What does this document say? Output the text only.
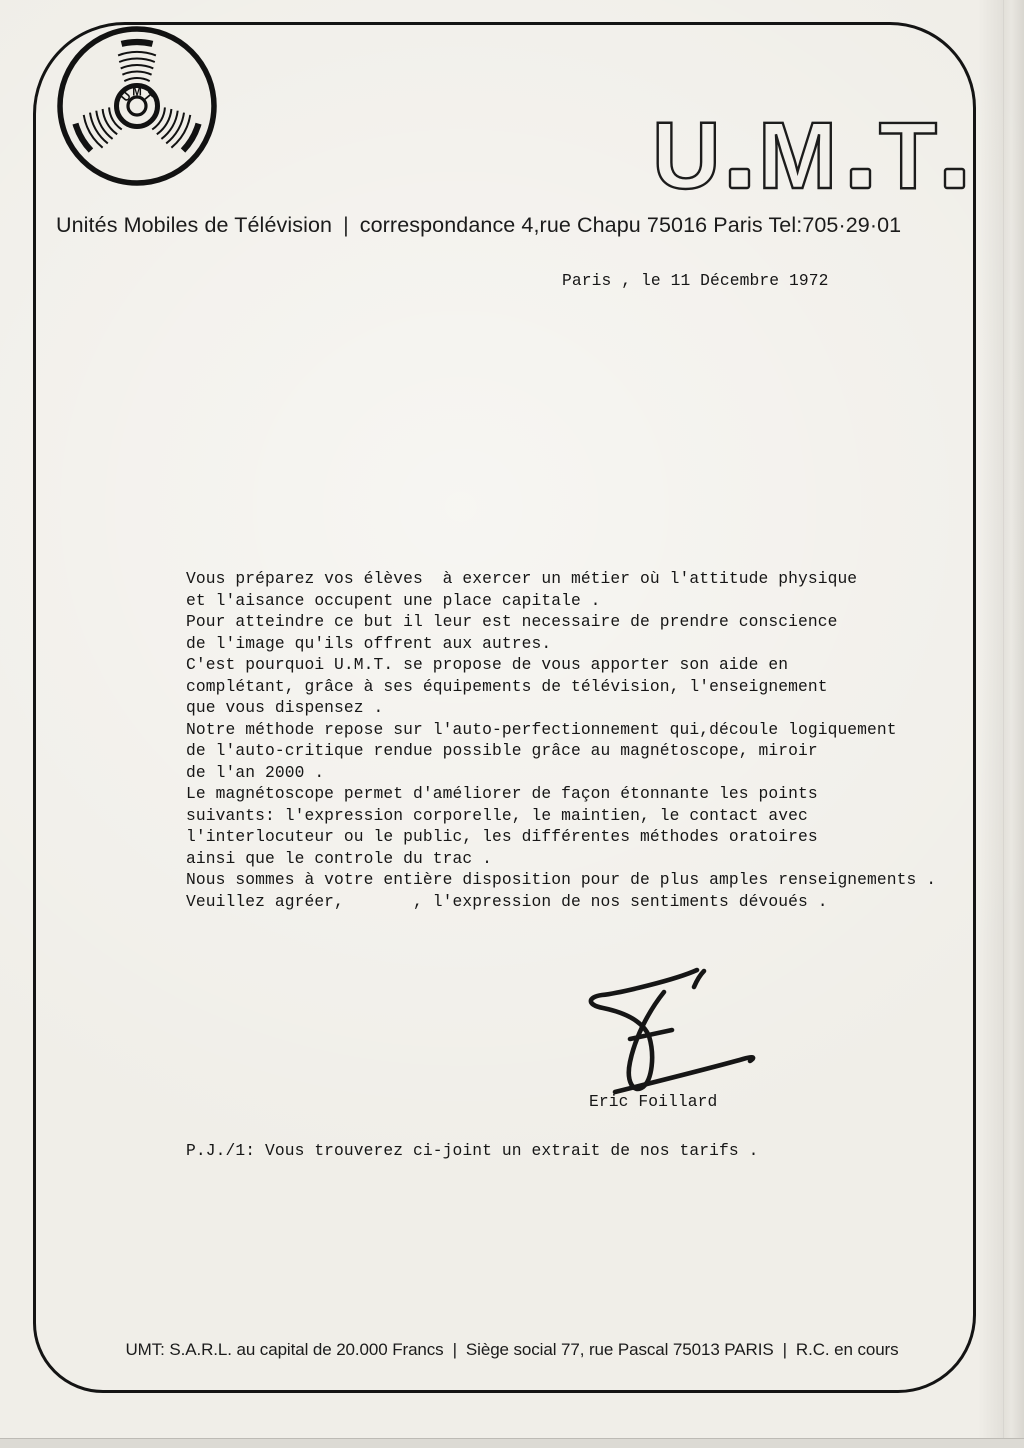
U
M
T
U M T
Unités Mobiles de Télévision | correspondance 4,rue Chapu 75016 Paris Tel:705·29·01
Paris , le 11 Décembre 1972
Vous préparez vos élèves  à exercer un métier où l'attitude physique
et l'aisance occupent une place capitale .
Pour atteindre ce but il leur est necessaire de prendre conscience
de l'image qu'ils offrent aux autres.
C'est pourquoi U.M.T. se propose de vous apporter son aide en
complétant, grâce à ses équipements de télévision, l'enseignement
que vous dispensez .
Notre méthode repose sur l'auto-perfectionnement qui,découle logiquement
de l'auto-critique rendue possible grâce au magnétoscope, miroir
de l'an 2000 .
Le magnétoscope permet d'améliorer de façon étonnante les points
suivants: l'expression corporelle, le maintien, le contact avec
l'interlocuteur ou le public, les différentes méthodes oratoires
ainsi que le controle du trac .
Nous sommes à votre entière disposition pour de plus amples renseignements .
Veuillez agréer,       , l'expression de nos sentiments dévoués .
Eric Foillard
P.J./1: Vous trouverez ci-joint un extrait de nos tarifs .
UMT: S.A.R.L. au capital de 20.000 Francs | Siège social 77, rue Pascal 75013 PARIS | R.C. en cours
